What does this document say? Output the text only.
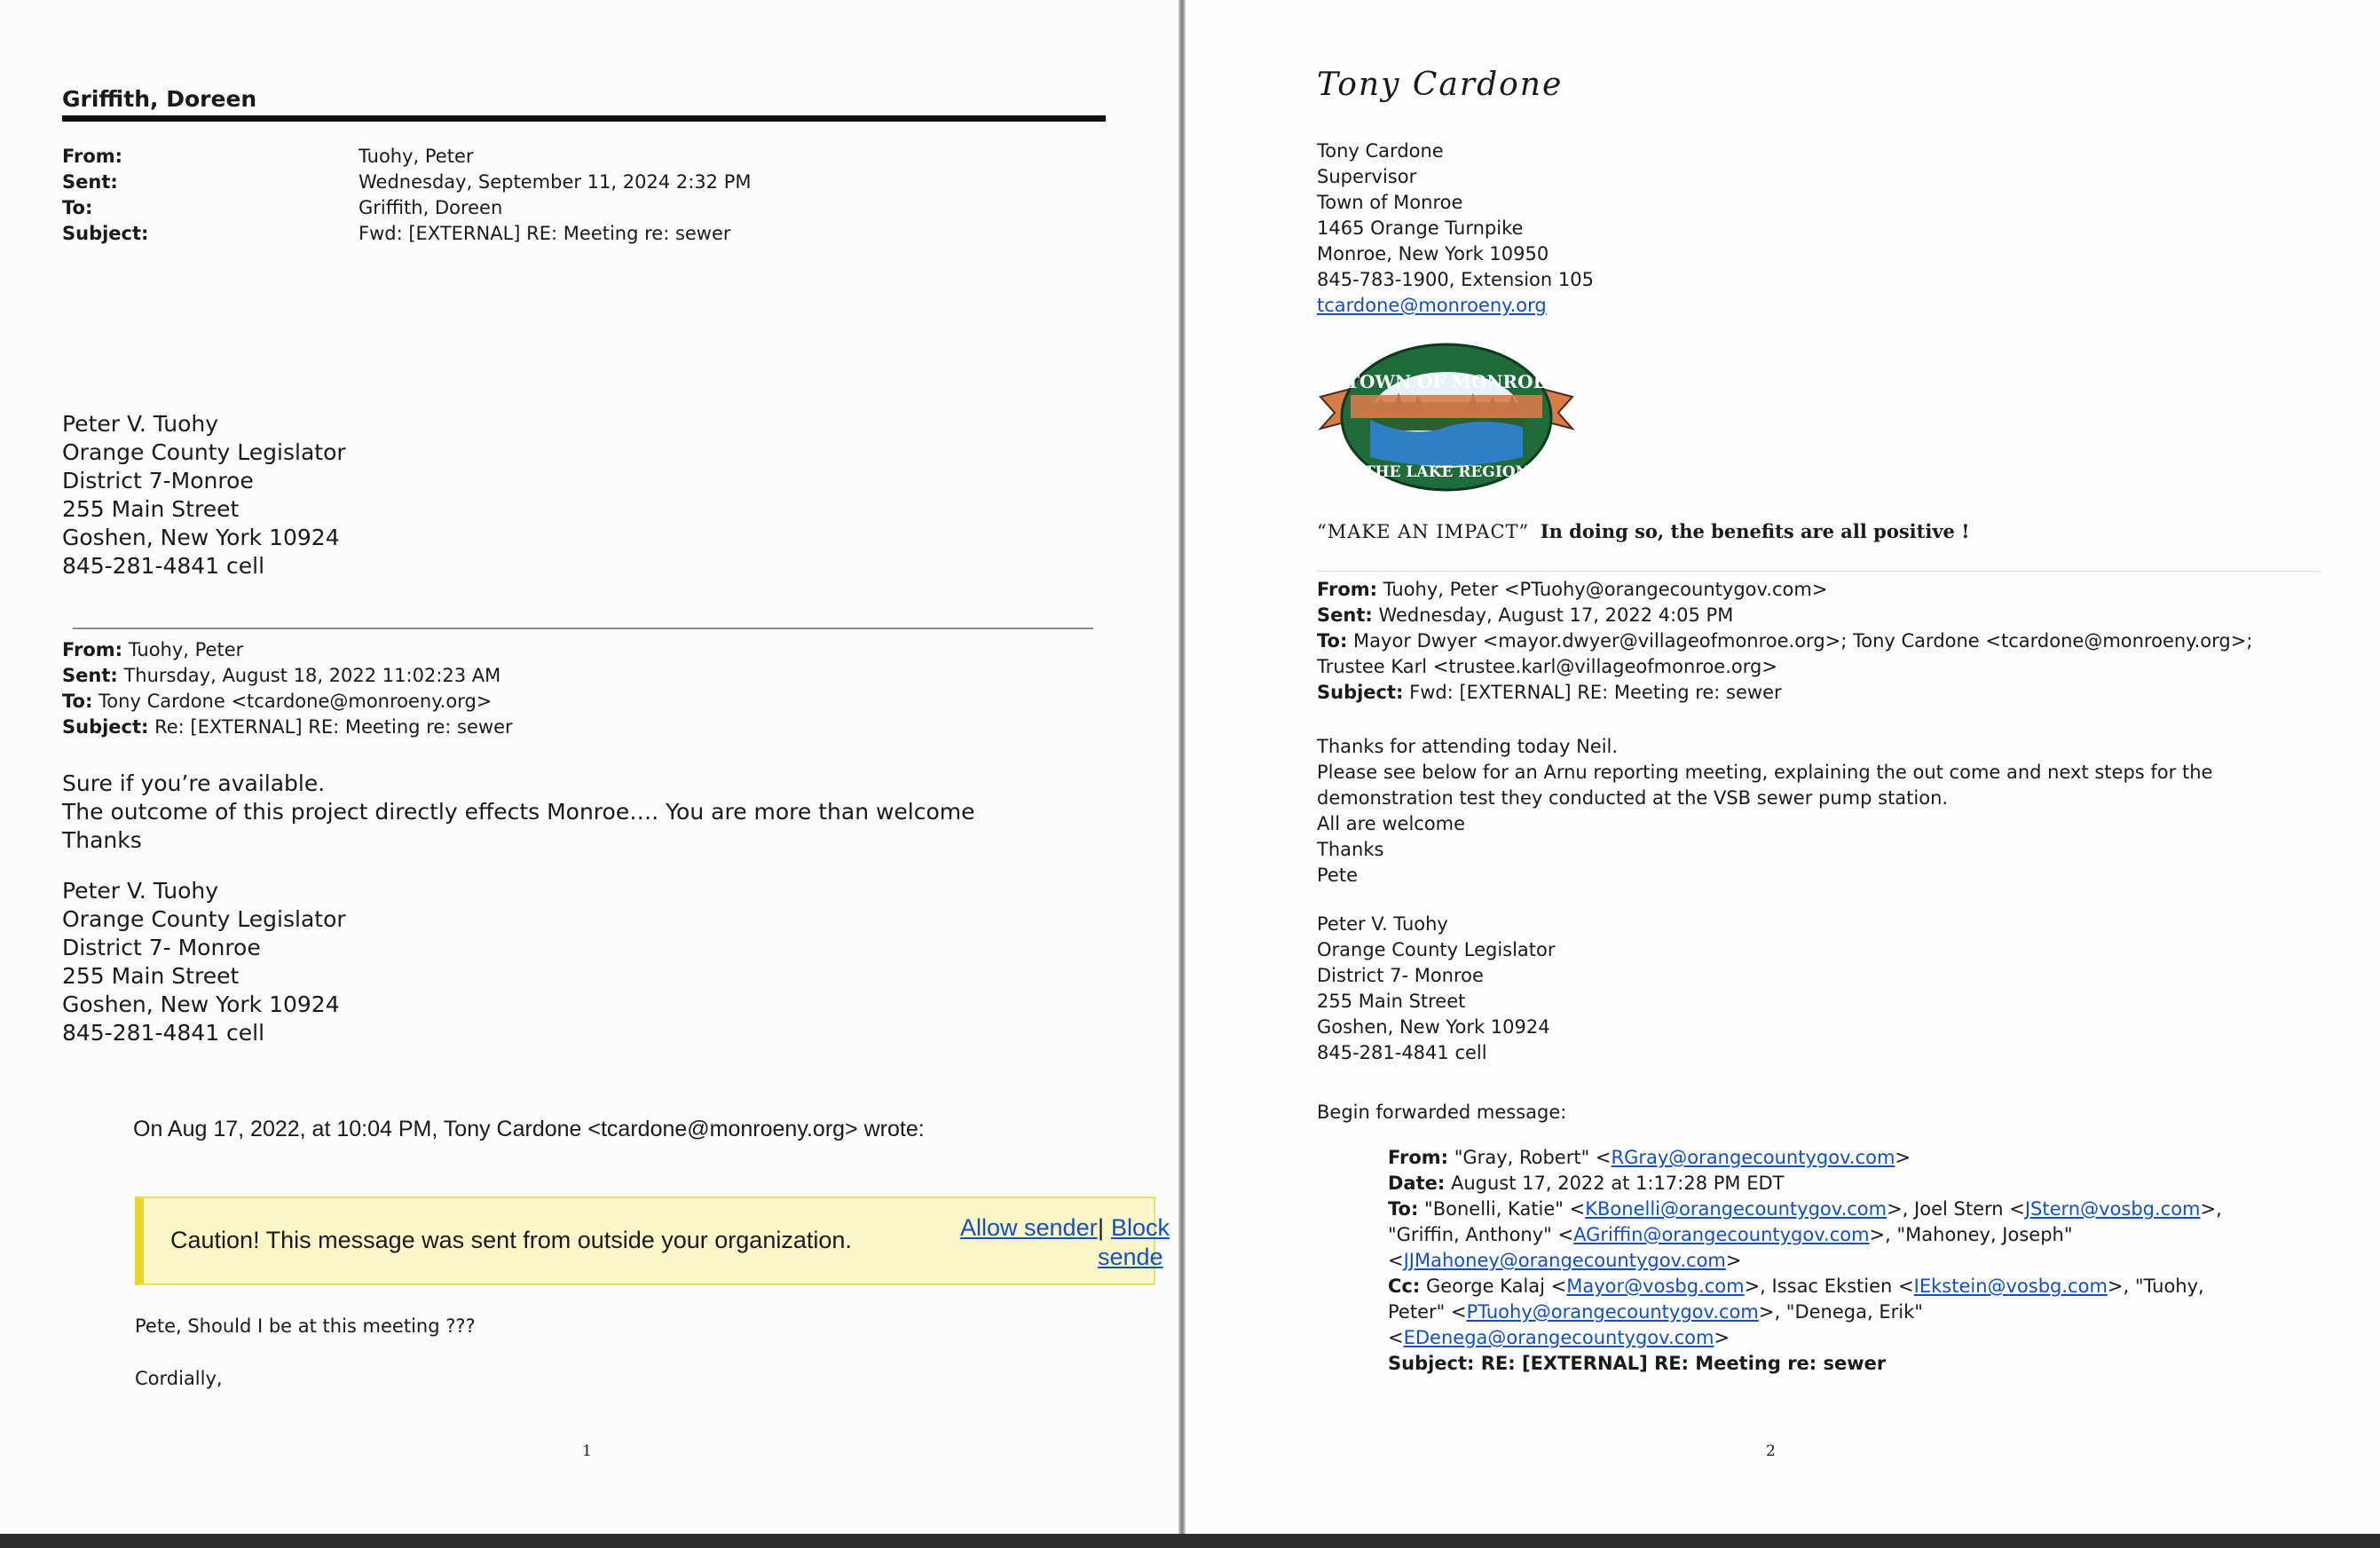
Griffith, Doreen
From:	Tuohy, Peter
Sent:	Wednesday, September 11, 2024 2:32 PM
To:	Griffith, Doreen
Subject:	Fwd: [EXTERNAL] RE: Meeting re: sewer
Peter V. Tuohy
Orange County Legislator
District 7-Monroe
255 Main Street
Goshen, New York 10924
845-281-4841 cell
From: Tuohy, Peter
Sent: Thursday, August 18, 2022 11:02:23 AM
To: Tony Cardone <tcardone@monroeny.org>
Subject: Re: [EXTERNAL] RE: Meeting re: sewer
Sure if you’re available.
The outcome of this project directly effects Monroe…. You are more than welcome
Thanks
Peter V. Tuohy
Orange County Legislator
District 7- Monroe
255 Main Street
Goshen, New York 10924
845-281-4841 cell
On Aug 17, 2022, at 10:04 PM, Tony Cardone <tcardone@monroeny.org> wrote:
Caution! This message was sent from outside your organization.	Allow sender | Block
sende
Pete, Should I be at this meeting ???
Cordially,
1
Tony Cardone
Tony Cardone
Supervisor
Town of Monroe
1465 Orange Turnpike
Monroe, New York 10950
845-783-1900, Extension 105
tcardone@monroeny.org
TOWN OF MONROE
THE LAKE REGION
“MAKE AN IMPACT” In doing so, the benefits are all positive !
From: Tuohy, Peter <PTuohy@orangecountygov.com>
Sent: Wednesday, August 17, 2022 4:05 PM
To: Mayor Dwyer <mayor.dwyer@villageofmonroe.org>; Tony Cardone <tcardone@monroeny.org>;
Trustee Karl <trustee.karl@villageofmonroe.org>
Subject: Fwd: [EXTERNAL] RE: Meeting re: sewer
Thanks for attending today Neil.
Please see below for an Arnu reporting meeting, explaining the out come and next steps for the
demonstration test they conducted at the VSB sewer pump station.
All are welcome
Thanks
Pete
Peter V. Tuohy
Orange County Legislator
District 7- Monroe
255 Main Street
Goshen, New York 10924
845-281-4841 cell
Begin forwarded message:
From: "Gray, Robert" <RGray@orangecountygov.com>
Date: August 17, 2022 at 1:17:28 PM EDT
To: "Bonelli, Katie" <KBonelli@orangecountygov.com>, Joel Stern <JStern@vosbg.com>,
"Griffin, Anthony" <AGriffin@orangecountygov.com>, "Mahoney, Joseph"
<JJMahoney@orangecountygov.com>
Cc: George Kalaj <Mayor@vosbg.com>, Issac Ekstien <IEkstein@vosbg.com>, "Tuohy,
Peter" <PTuohy@orangecountygov.com>, "Denega, Erik"
<EDenega@orangecountygov.com>
Subject: RE: [EXTERNAL] RE: Meeting re: sewer
2
